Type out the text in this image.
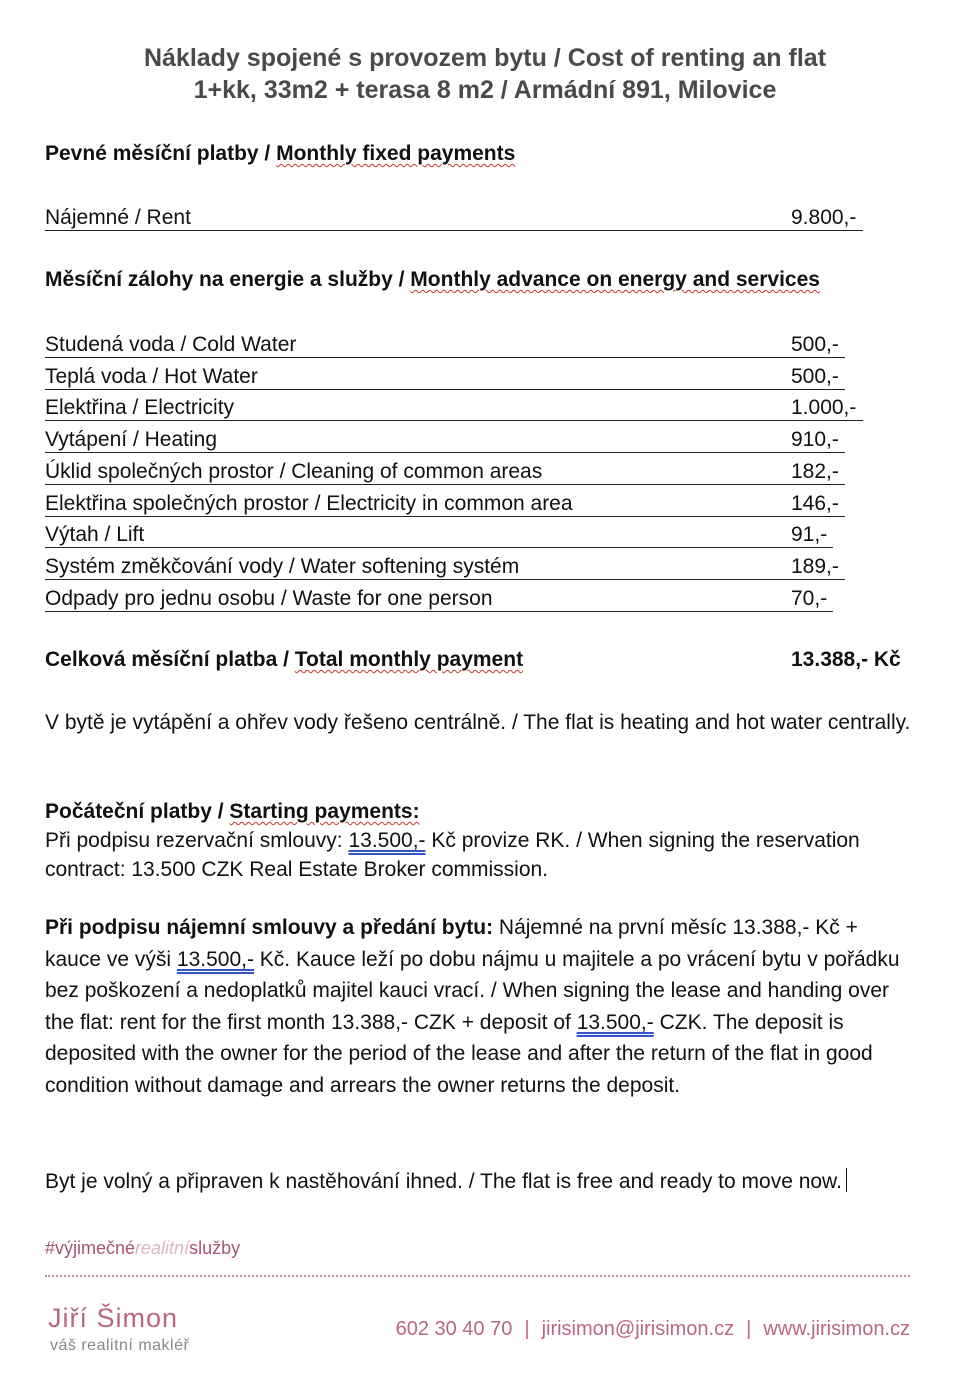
Náklady spojené s provozem bytu / Cost of renting an flat
1+kk, 33m2 + terasa 8 m2 / Armádní 891, Milovice
Pevné měsíční platby / Monthly fixed payments
Nájemné / Rent	9.800,-
Měsíční zálohy na energie a služby / Monthly advance on energy and services
Studená voda / Cold Water	500,-
Teplá voda / Hot Water	500,-
Elektřina / Electricity	1.000,-
Vytápení / Heating	910,-
Úklid společných prostor / Cleaning of common areas	182,-
Elektřina společných prostor / Electricity in common area	146,-
Výtah / Lift	91,-
Systém změkčování vody / Water softening systém	189,-
Odpady pro jednu osobu / Waste for one person	70,-
Celková měsíční platba / Total monthly payment	13.388,- Kč
V bytě je vytápění a ohřev vody řešeno centrálně. / The flat is heating and hot water centrally.
Počáteční platby / Starting payments:
Při podpisu rezervační smlouvy: 13.500,- Kč provize RK. / When signing the reservation contract: 13.500 CZK Real Estate Broker commission.
Při podpisu nájemní smlouvy a předání bytu: Nájemné na první měsíc 13.388,- Kč + kauce ve výši 13.500,- Kč. Kauce leží po dobu nájmu u majitele a po vrácení bytu v pořádku bez poškození a nedoplatků majitel kauci vrací. / When signing the lease and handing over the flat: rent for the first month 13.388,- CZK + deposit of 13.500,- CZK. The deposit is deposited with the owner for the period of the lease and after the return of the flat in good condition without damage and arrears the owner returns the deposit.
Byt je volný a připraven k nastěhování ihned. / The flat is free and ready to move now.
#výjimečnérealitníslužby
Jiří Šimon
váš realitní makléř
602 30 40 70 | jirisimon@jirisimon.cz | www.jirisimon.cz
